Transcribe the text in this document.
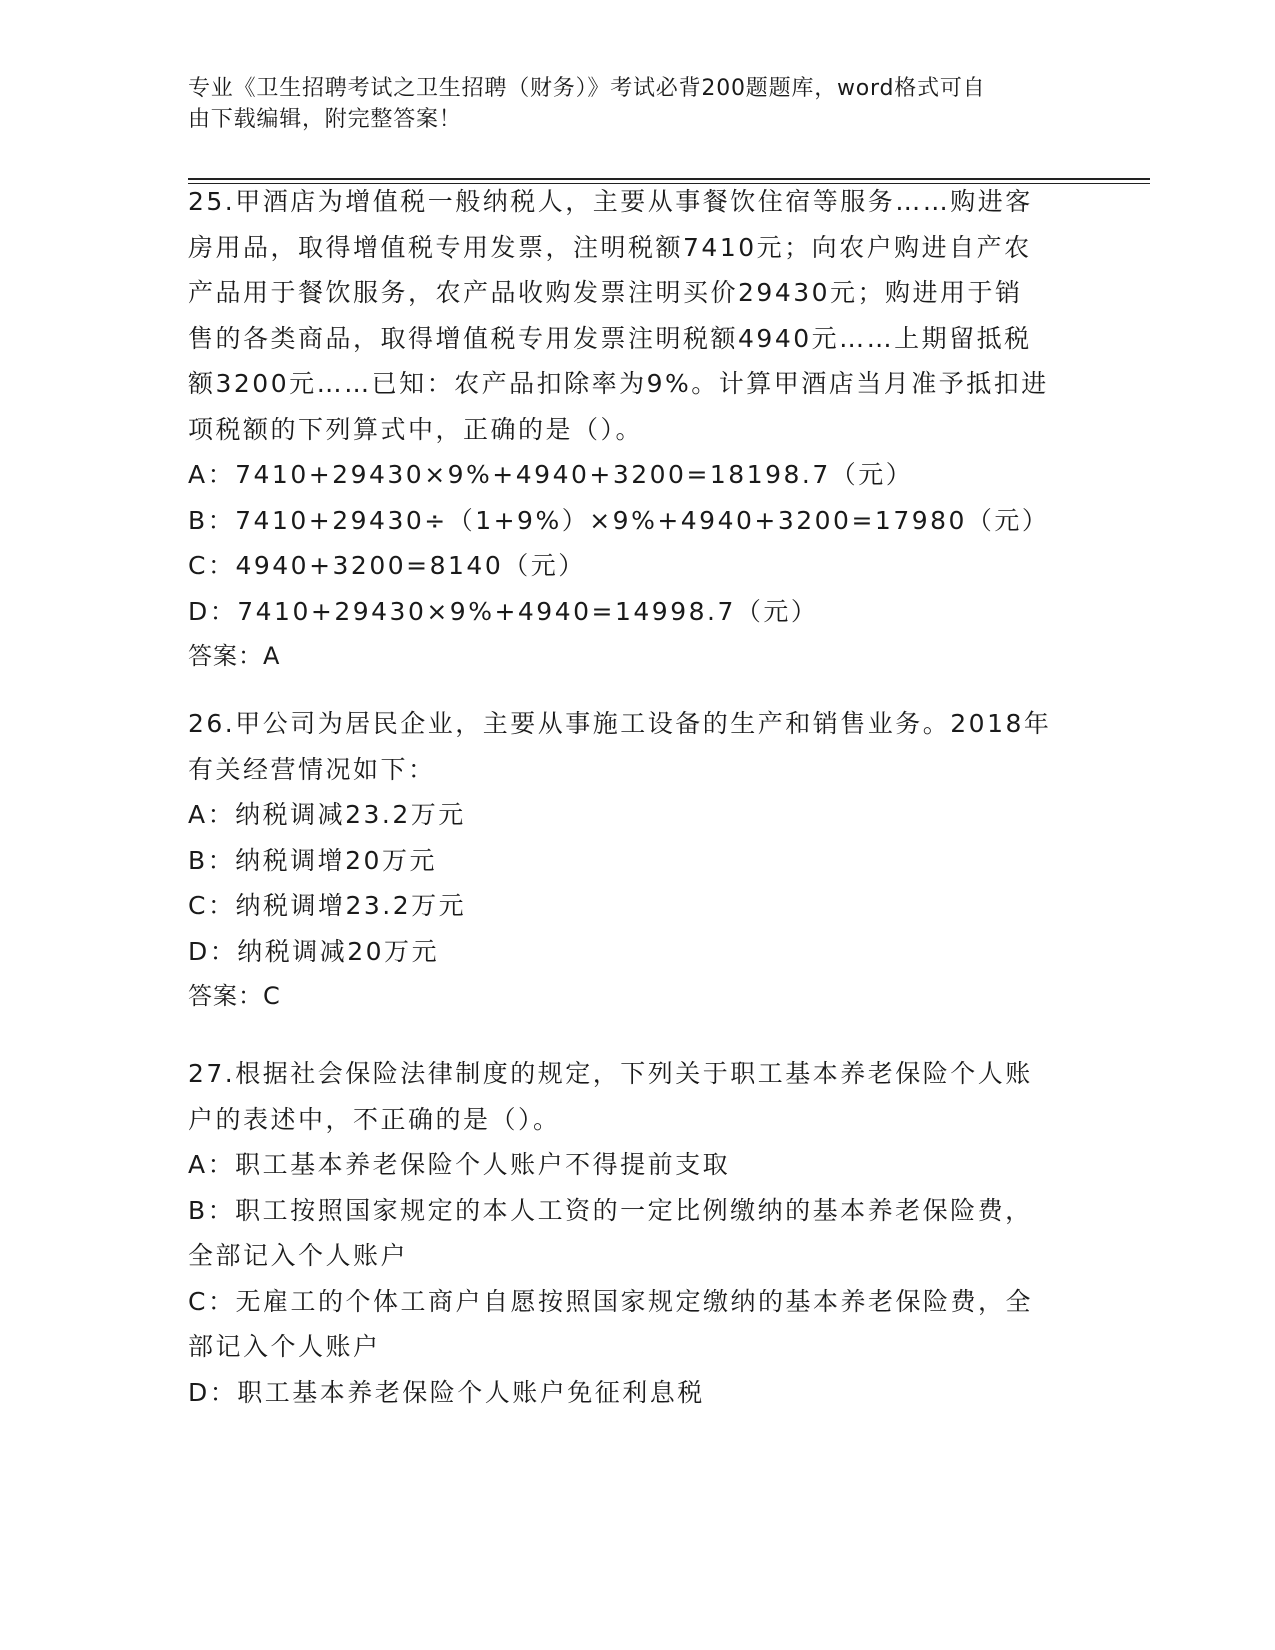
专业《卫生招聘考试之卫生招聘（财务）》考试必背200题题库，word格式可自
由下载编辑，附完整答案！
25.甲酒店为增值税一般纳税人，主要从事餐饮住宿等服务……购进客
房用品，取得增值税专用发票，注明税额7410元；向农户购进自产农
产品用于餐饮服务，农产品收购发票注明买价29430元；购进用于销
售的各类商品，取得增值税专用发票注明税额4940元……上期留抵税
额3200元……已知：农产品扣除率为9%。计算甲酒店当月准予抵扣进
项税额的下列算式中，正确的是（）。
A：7410+29430×9%+4940+3200=18198.7（元）
B：7410+29430÷（1+9%）×9%+4940+3200=17980（元）
C：4940+3200=8140（元）
D：7410+29430×9%+4940=14998.7（元）
答案：A
26.甲公司为居民企业，主要从事施工设备的生产和销售业务。2018年
有关经营情况如下：
A：纳税调减23.2万元
B：纳税调增20万元
C：纳税调增23.2万元
D：纳税调减20万元
答案：C
27.根据社会保险法律制度的规定，下列关于职工基本养老保险个人账
户的表述中，不正确的是（）。
A：职工基本养老保险个人账户不得提前支取
B：职工按照国家规定的本人工资的一定比例缴纳的基本养老保险费，
全部记入个人账户
C：无雇工的个体工商户自愿按照国家规定缴纳的基本养老保险费，全
部记入个人账户
D：职工基本养老保险个人账户免征利息税
